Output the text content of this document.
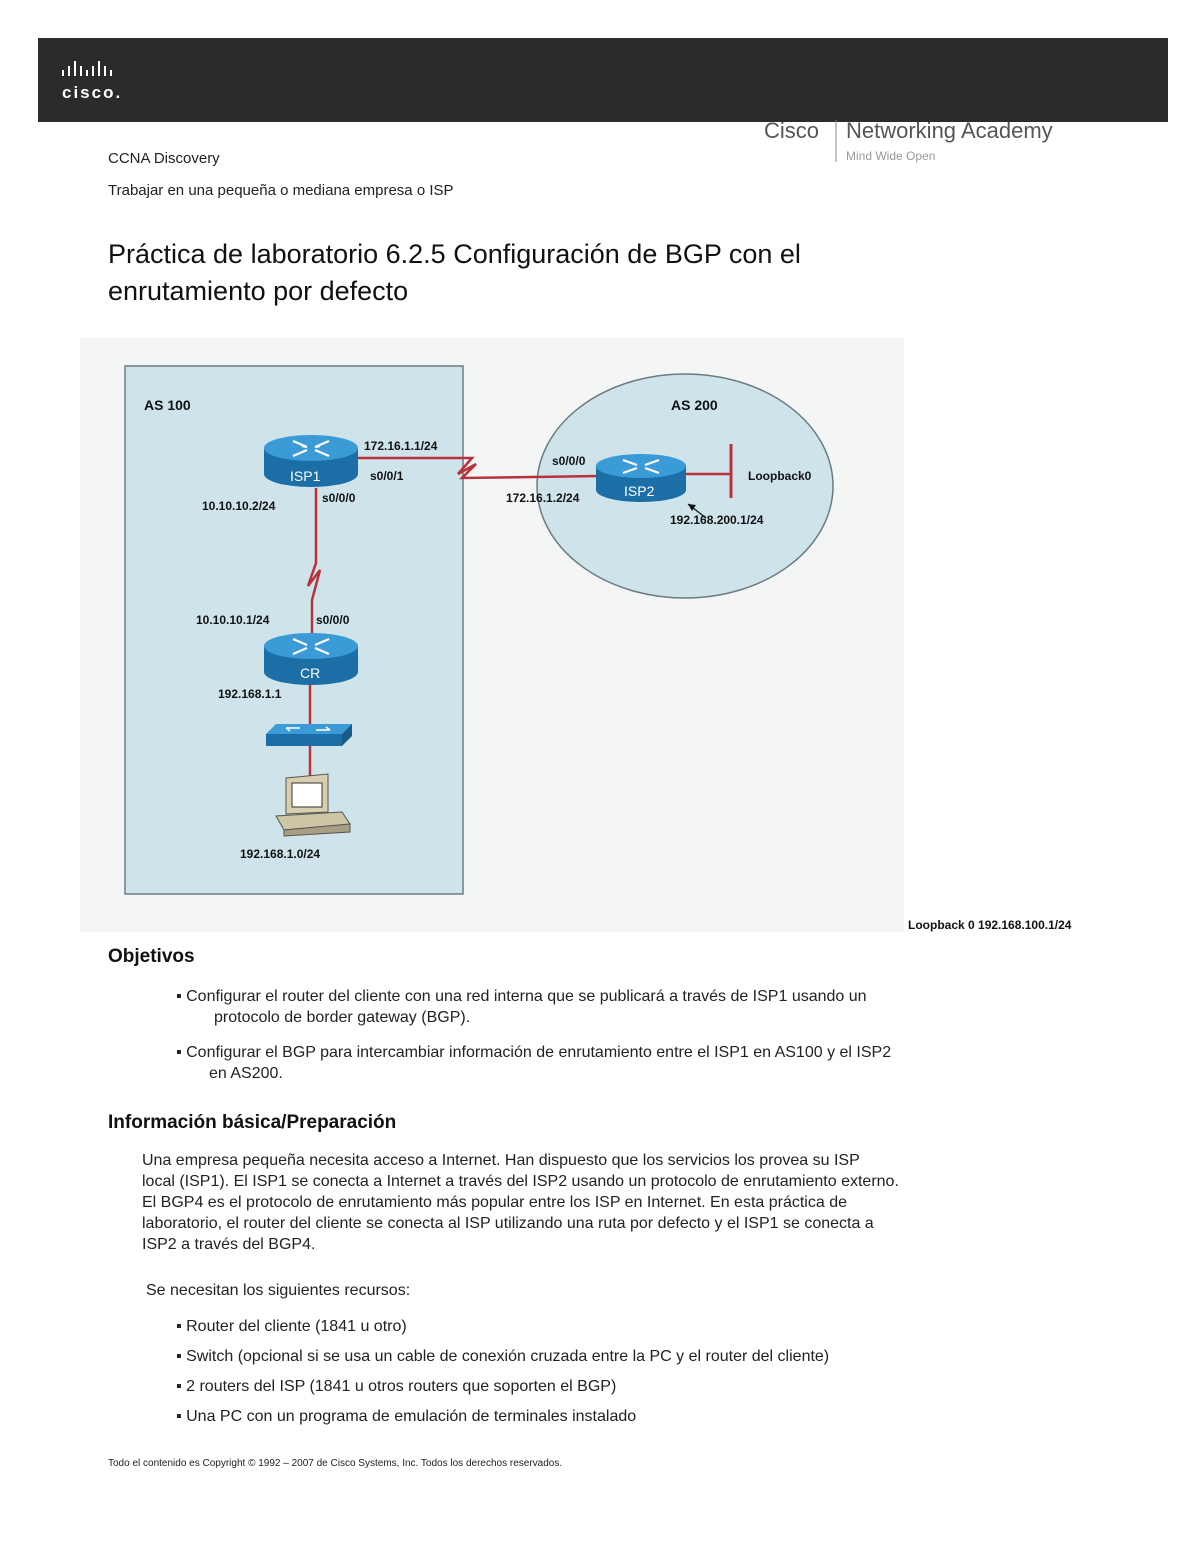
cisco.
Cisco Networking Academy
Mind Wide Open
CCNA Discovery
Trabajar en una pequeña o mediana empresa o ISP
Práctica de laboratorio 6.2.5 Configuración de BGP con el
enrutamiento por defecto
AS 100	AS 200
ISP1
ISP2
CR
172.16.1.1/24
s0/0/1
10.10.10.2/24
s0/0/0
s0/0/0
172.16.1.2/24
Loopback0
192.168.200.1/24
10.10.10.1/24	s0/0/0
192.168.1.1
192.168.1.0/24
Loopback 0 192.168.100.1/24
Objetivos
▪ Configurar el router del cliente con una red interna que se publicará a través de ISP1 usando un
protocolo de border gateway (BGP).
▪ Configurar el BGP para intercambiar información de enrutamiento entre el ISP1 en AS100 y el ISP2
en AS200.
Información básica/Preparación
Una empresa pequeña necesita acceso a Internet. Han dispuesto que los servicios los provea su ISP
local (ISP1). El ISP1 se conecta a Internet a través del ISP2 usando un protocolo de enrutamiento externo.
El BGP4 es el protocolo de enrutamiento más popular entre los ISP en Internet. En esta práctica de
laboratorio, el router del cliente se conecta al ISP utilizando una ruta por defecto y el ISP1 se conecta a
ISP2 a través del BGP4.
Se necesitan los siguientes recursos:
▪ Router del cliente (1841 u otro)
▪ Switch (opcional si se usa un cable de conexión cruzada entre la PC y el router del cliente)
▪ 2 routers del ISP (1841 u otros routers que soporten el BGP)
▪ Una PC con un programa de emulación de terminales instalado
Todo el contenido es Copyright © 1992 – 2007 de Cisco Systems, Inc. Todos los derechos reservados.
